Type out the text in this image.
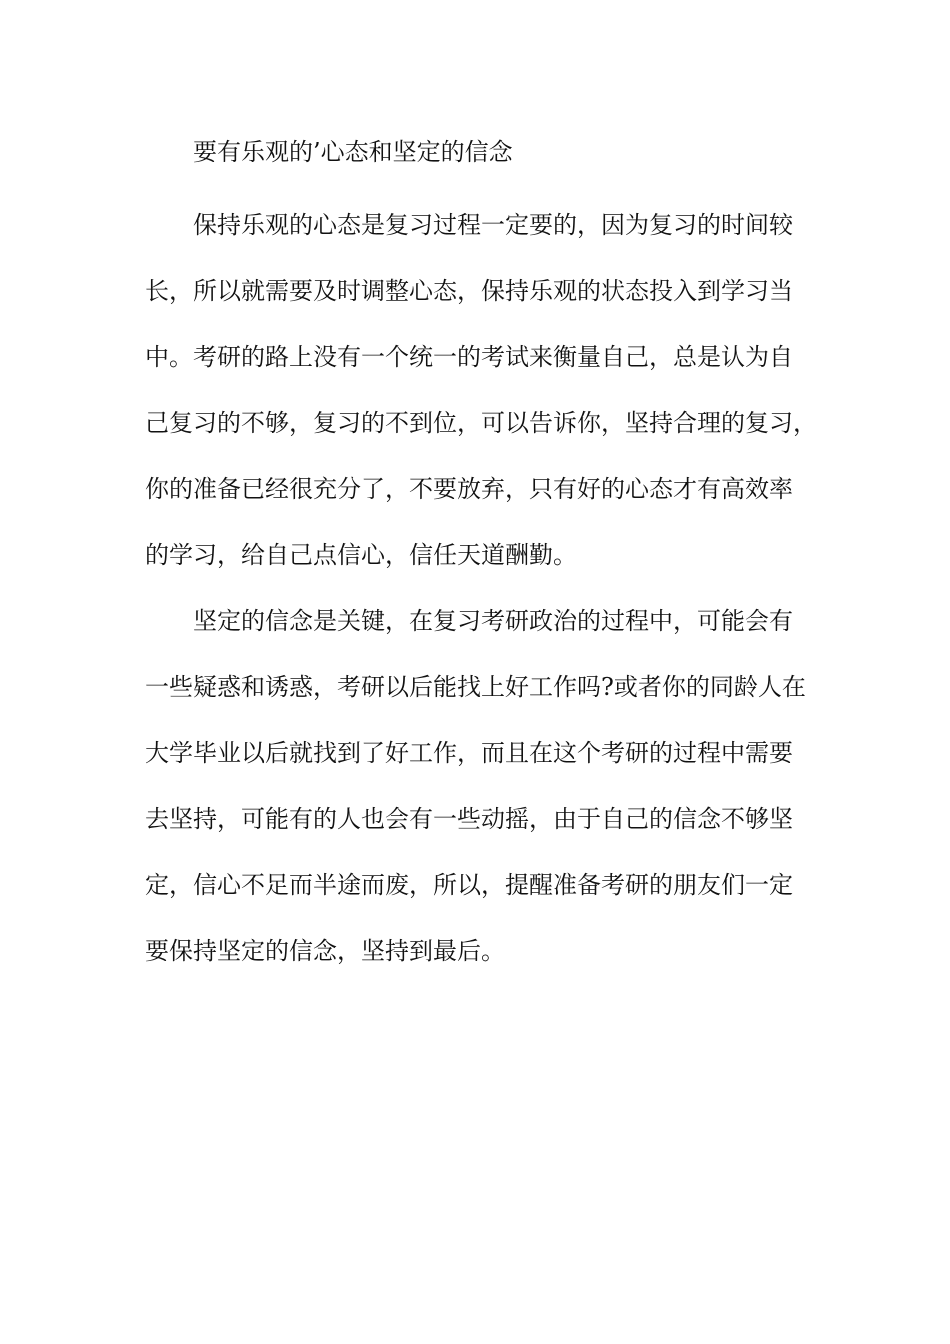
要有乐观的’心态和坚定的信念

保持乐观的心态是复习过程一定要的，因为复习的时间较

长，所以就需要及时调整心态，保持乐观的状态投入到学习当

中。考研的路上没有一个统一的考试来衡量自己，总是认为自

己复习的不够，复习的不到位，可以告诉你，坚持合理的复习，

你的准备已经很充分了，不要放弃，只有好的心态才有高效率

的学习，给自己点信心，信任天道酬勤。

坚定的信念是关键，在复习考研政治的过程中，可能会有

一些疑惑和诱惑，考研以后能找上好工作吗?或者你的同龄人在

大学毕业以后就找到了好工作，而且在这个考研的过程中需要

去坚持，可能有的人也会有一些动摇，由于自己的信念不够坚

定，信心不足而半途而废，所以，提醒准备考研的朋友们一定

要保持坚定的信念，坚持到最后。
